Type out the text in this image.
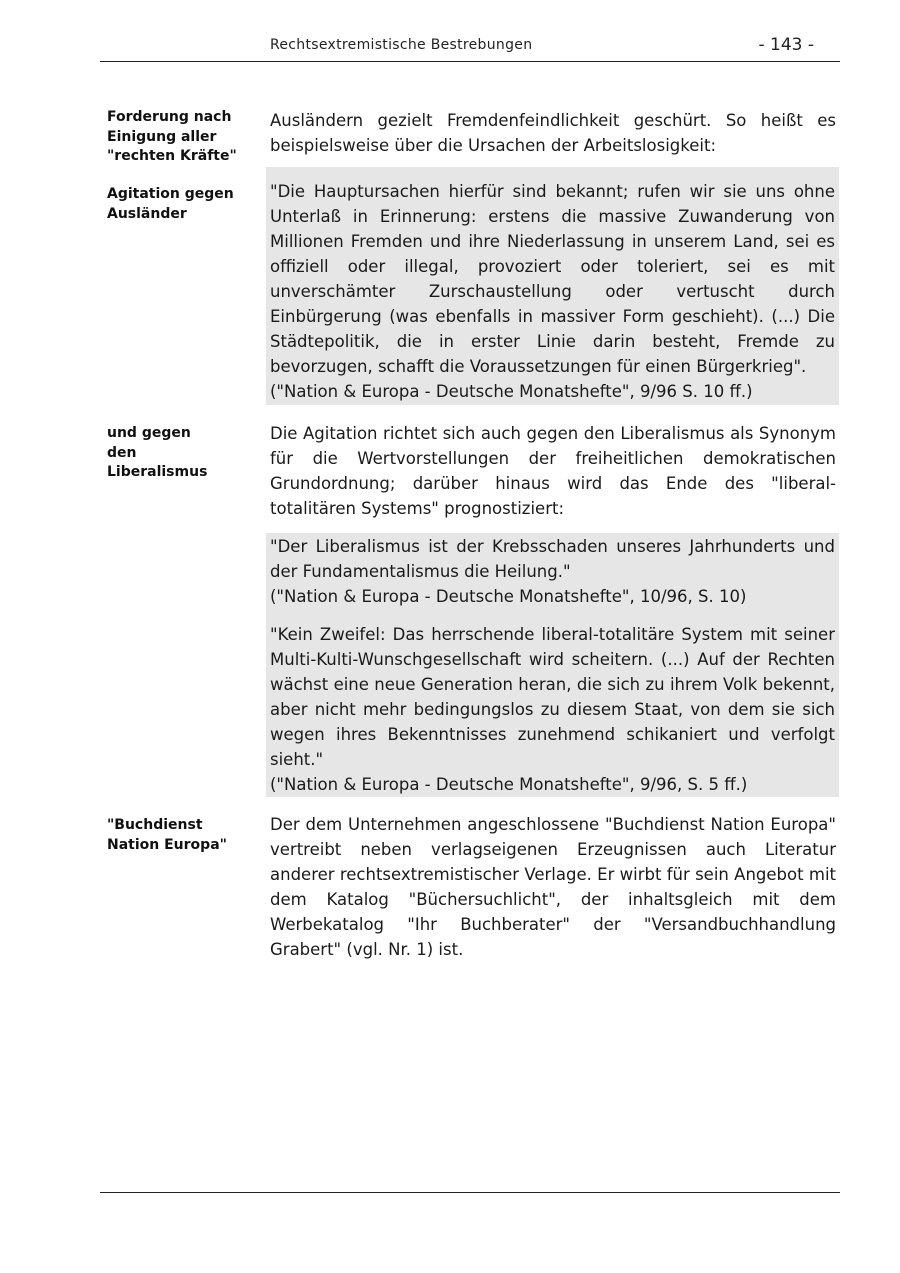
Rechtsextremistische Bestrebungen	- 143 -
Forderung nach Einigung aller "rechten Kräfte"
Agitation gegen Ausländer
und gegen den Liberalismus
"Buchdienst Nation Europa"
Ausländern gezielt Fremdenfeindlichkeit geschürt. So heißt es beispielsweise über die Ursachen der Arbeitslosigkeit:
"Die Hauptursachen hierfür sind bekannt; rufen wir sie uns ohne Unterlaß in Erinnerung: erstens die massive Zuwanderung von Millionen Fremden und ihre Niederlassung in unserem Land, sei es offiziell oder illegal, provoziert oder toleriert, sei es mit unverschämter Zurschaustellung oder vertuscht durch Einbürgerung (was ebenfalls in massiver Form geschieht). (...) Die Städtepolitik, die in erster Linie darin besteht, Fremde zu bevorzugen, schafft die Voraussetzungen für einen Bürgerkrieg".
("Nation & Europa - Deutsche Monatshefte", 9/96 S. 10 ff.)
Die Agitation richtet sich auch gegen den Liberalismus als Synonym für die Wertvorstellungen der freiheitlichen demokratischen Grundordnung; darüber hinaus wird das Ende des "liberal-totalitären Systems" prognostiziert:
"Der Liberalismus ist der Krebsschaden unseres Jahrhunderts und der Fundamentalismus die Heilung."
("Nation & Europa - Deutsche Monatshefte", 10/96, S. 10)
"Kein Zweifel: Das herrschende liberal-totalitäre System mit seiner Multi-Kulti-Wunschgesellschaft wird scheitern. (...) Auf der Rechten wächst eine neue Generation heran, die sich zu ihrem Volk bekennt, aber nicht mehr bedingungslos zu diesem Staat, von dem sie sich wegen ihres Bekenntnisses zunehmend schikaniert und verfolgt sieht."
("Nation & Europa - Deutsche Monatshefte", 9/96, S. 5 ff.)
Der dem Unternehmen angeschlossene "Buchdienst Nation Europa" vertreibt neben verlagseigenen Erzeugnissen auch Literatur anderer rechtsextremistischer Verlage. Er wirbt für sein Angebot mit dem Katalog "Büchersuchlicht", der inhaltsgleich mit dem Werbekatalog "Ihr Buchberater" der "Versandbuchhandlung Grabert" (vgl. Nr. 1) ist.
